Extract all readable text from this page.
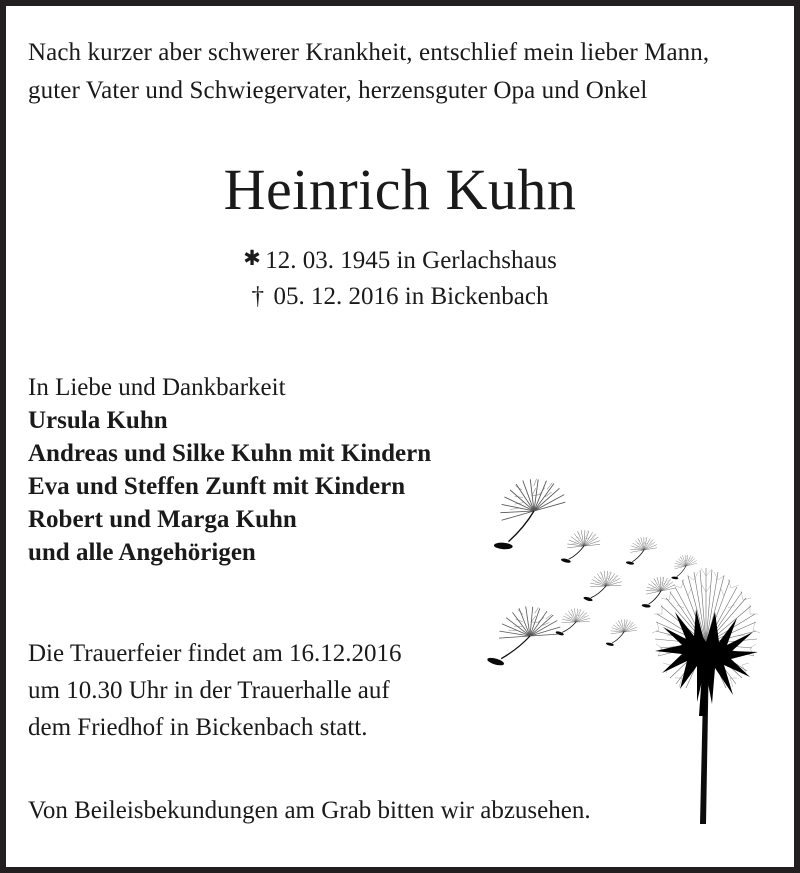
Nach kurzer aber schwerer Krankheit, entschlief mein lieber Mann,
guter Vater und Schwiegervater, herzensguter Opa und Onkel

Heinrich Kuhn
✱ 12. 03. 1945 in Gerlachshaus
† 05. 12. 2016 in Bickenbach
In Liebe und Dankbarkeit
Ursula Kuhn
Andreas und Silke Kuhn mit Kindern
Eva und Steffen Zunft mit Kindern
Robert und Marga Kuhn
und alle Angehörigen
Die Trauerfeier findet am 16.12.2016
um 10.30 Uhr in der Trauerhalle auf
dem Friedhof in Bickenbach statt.
Von Beileisbekundungen am Grab bitten wir abzusehen.
